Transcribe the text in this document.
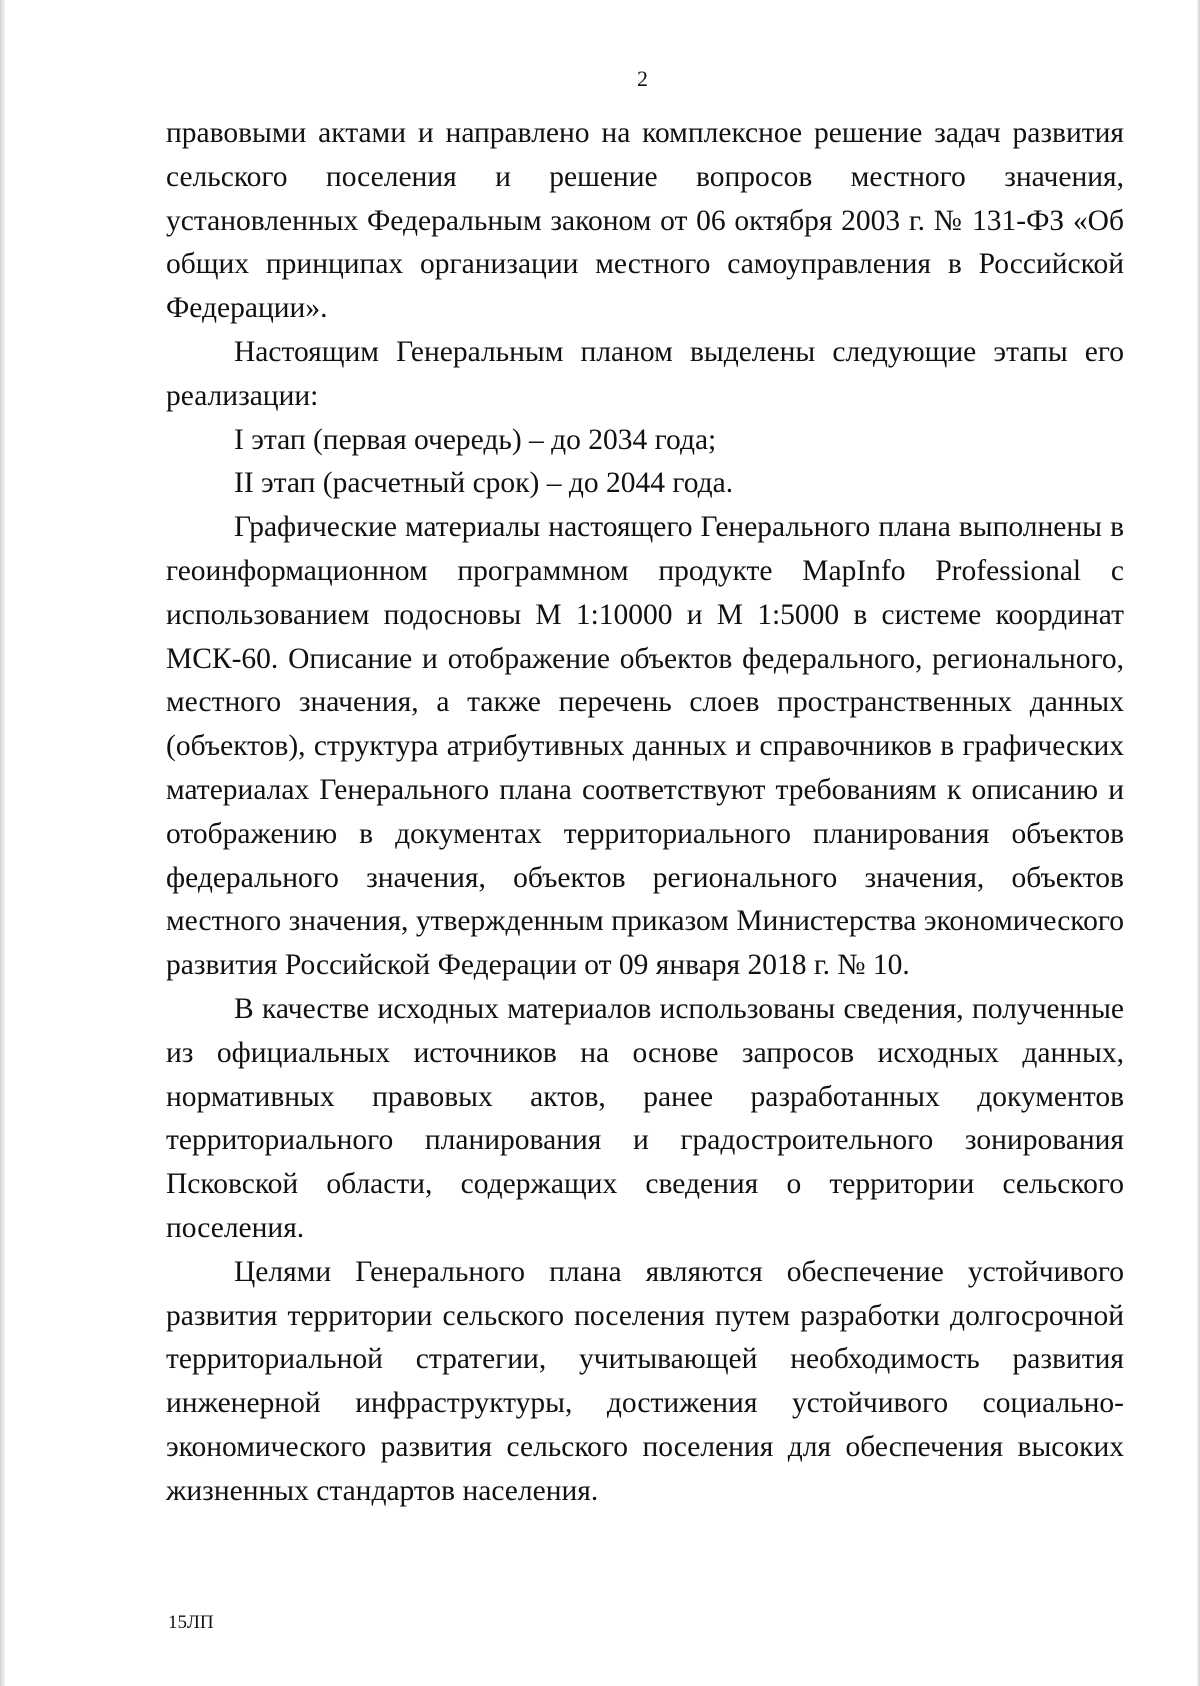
2

правовыми актами и направлено на комплексное решение задач развития сельского поселения и решение вопросов местного значения, установленных Федеральным законом от 06 октября 2003 г. № 131-ФЗ «Об общих принципах организации местного самоуправления в Российской Федерации».

Настоящим Генеральным планом выделены следующие этапы его реализации:

I этап (первая очередь) – до 2034 года;

II этап (расчетный срок) – до 2044 года.

Графические материалы настоящего Генерального плана выполнены в геоинформационном программном продукте MapInfo Professional с использованием подосновы М 1:10000 и М 1:5000 в системе координат МСК-60. Описание и отображение объектов федерального, регионального, местного значения, а также перечень слоев пространственных данных (объектов), структура атрибутивных данных и справочников в графических материалах Генерального плана соответствуют требованиям к описанию и отображению в документах территориального планирования объектов федерального значения, объектов регионального значения, объектов местного значения, утвержденным приказом Министерства экономического развития Российской Федерации от 09 января 2018 г. № 10.

В качестве исходных материалов использованы сведения, полученные из официальных источников на основе запросов исходных данных, нормативных правовых актов, ранее разработанных документов территориального планирования и градостроительного зонирования Псковской области, содержащих сведения о территории сельского поселения.

Целями Генерального плана являются обеспечение устойчивого развития территории сельского поселения путем разработки долгосрочной территориальной стратегии, учитывающей необходимость развития инженерной инфраструктуры, достижения устойчивого социально-экономического развития сельского поселения для обеспечения высоких жизненных стандартов населения.

15ЛП
